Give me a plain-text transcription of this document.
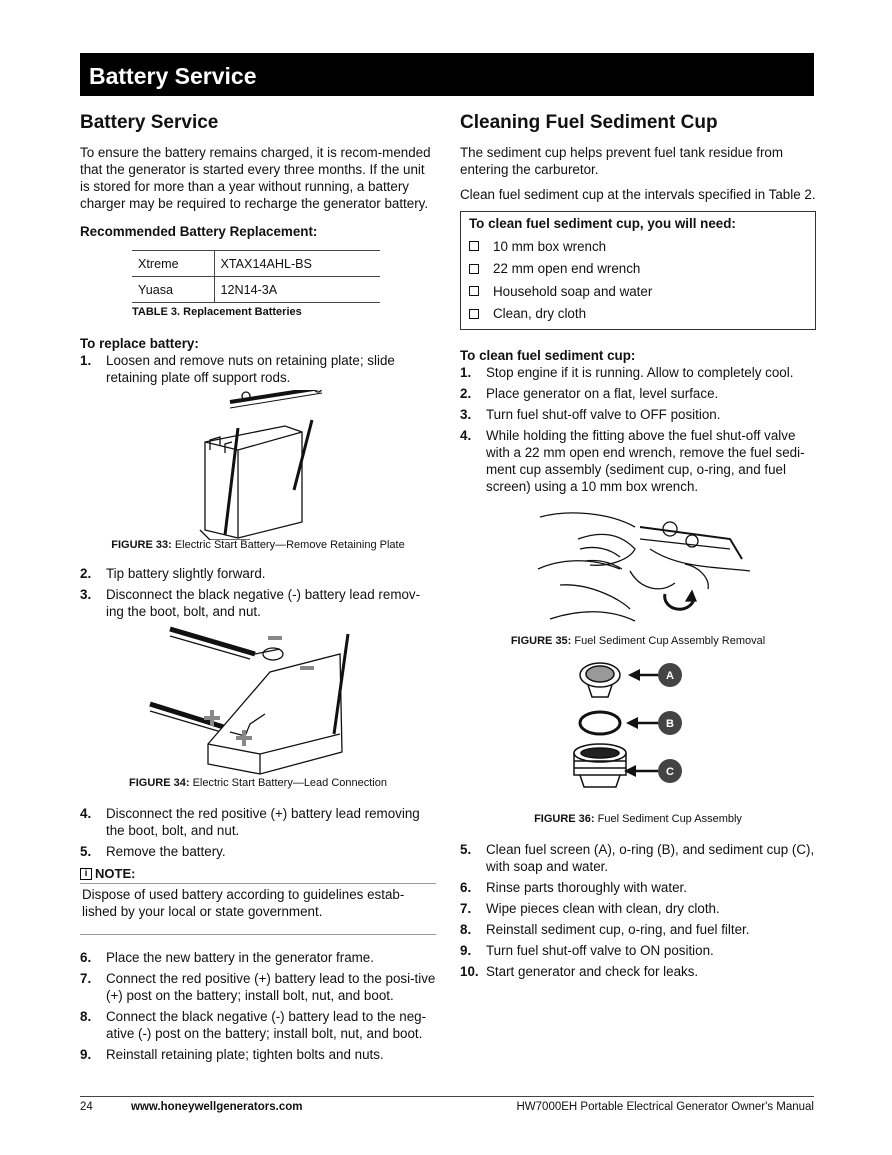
Battery Service
Battery Service

To ensure the battery remains charged, it is recom-mended that the generator is started every three months. If the unit is stored for more than a year without running, a battery charger may be required to recharge the generator battery.

Recommended Battery Replacement:

Xtreme	XTAX14AHL-BS
Yuasa	12N14-3A
TABLE 3. Replacement Batteries

To replace battery:

1.	Loosen and remove nuts on retaining plate; slide retaining plate off support rods.
FIGURE 33: Electric Start Battery—Remove Retaining Plate
2.	Tip battery slightly forward.
3.	Disconnect the black negative (-) battery lead remov-ing the boot, bolt, and nut.
FIGURE 34: Electric Start Battery—Lead Connection
4.	Disconnect the red positive (+) battery lead removing the boot, bolt, and nut.
5.	Remove the battery.
i NOTE:
Dispose of used battery according to guidelines estab-lished by your local or state government.
6.	Place the new battery in the generator frame.
7.	Connect the red positive (+) battery lead to the posi-tive (+) post on the battery; install bolt, nut, and boot.
8.	Connect the black negative (-) battery lead to the neg-ative (-) post on the battery; install bolt, nut, and boot.
9.	Reinstall retaining plate; tighten bolts and nuts.
Cleaning Fuel Sediment Cup

The sediment cup helps prevent fuel tank residue from entering the carburetor.

Clean fuel sediment cup at the intervals specified in Table 2.

To clean fuel sediment cup, you will need:
10 mm box wrench
22 mm open end wrench
Household soap and water
Clean, dry cloth

To clean fuel sediment cup:

1.	Stop engine if it is running. Allow to completely cool.
2.	Place generator on a flat, level surface.
3.	Turn fuel shut-off valve to OFF position.
4.	While holding the fitting above the fuel shut-off valve with a 22 mm open end wrench, remove the fuel sedi-ment cup assembly (sediment cup, o-ring, and fuel screen) using a 10 mm box wrench.
FIGURE 35: Fuel Sediment Cup Assembly Removal
A
B
C
FIGURE 36: Fuel Sediment Cup Assembly
5.	Clean fuel screen (A), o-ring (B), and sediment cup (C), with soap and water.
6.	Rinse parts thoroughly with water.
7.	Wipe pieces clean with clean, dry cloth.
8.	Reinstall sediment cup, o-ring, and fuel filter.
9.	Turn fuel shut-off valve to ON position.
10. Start generator and check for leaks.
24	www.honeywellgenerators.com	HW7000EH Portable Electrical Generator Owner's Manual
